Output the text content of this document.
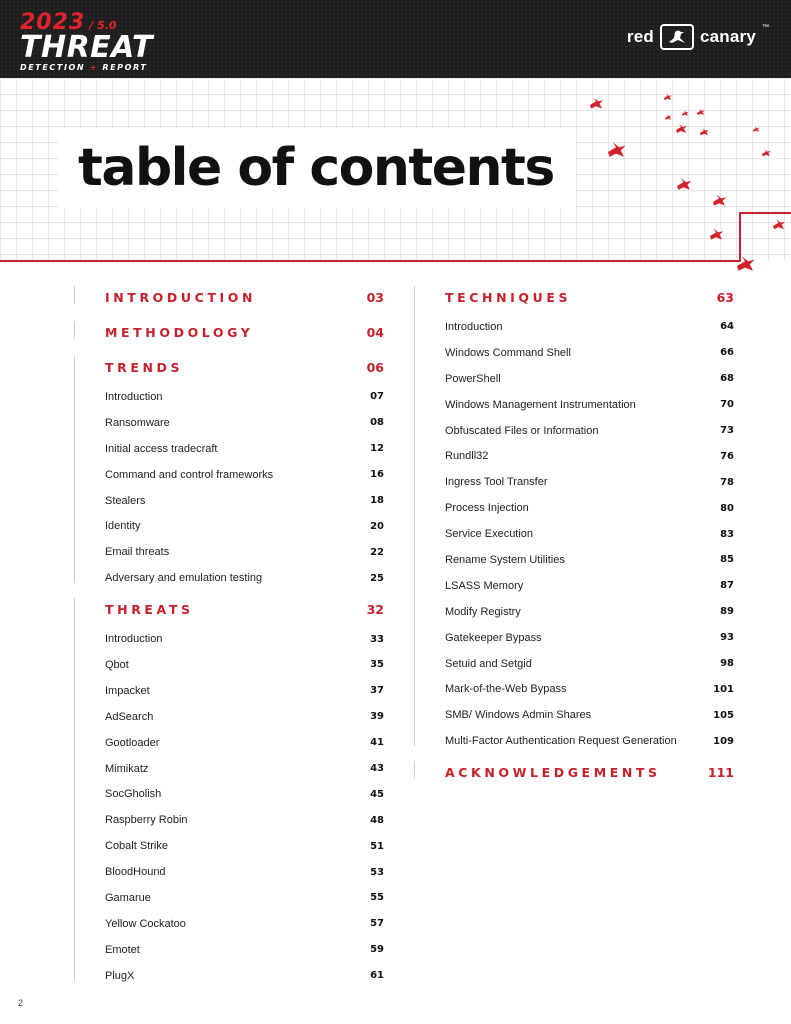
2023 / 5.0
THREAT
DETECTION + REPORT
red	canary ™
table of contents
INTRODUCTION	03
METHODOLOGY	04
TRENDS	06
Introduction	07
Ransomware	08
Initial access tradecraft	12
Command and control frameworks	16
Stealers	18
Identity	20
Email threats	22
Adversary and emulation testing	25
THREATS	32
Introduction	33
Qbot	35
Impacket	37
AdSearch	39
Gootloader	41
Mimikatz	43
SocGholish	45
Raspberry Robin	48
Cobalt Strike	51
BloodHound	53
Gamarue	55
Yellow Cockatoo	57
Emotet	59
PlugX	61
TECHNIQUES	63
Introduction	64
Windows Command Shell	66
PowerShell	68
Windows Management Instrumentation	70
Obfuscated Files or Information	73
Rundll32	76
Ingress Tool Transfer	78
Process Injection	80
Service Execution	83
Rename System Utilities	85
LSASS Memory	87
Modify Registry	89
Gatekeeper Bypass	93
Setuid and Setgid	98
Mark-of-the-Web Bypass	101
SMB/ Windows Admin Shares	105
Multi-Factor Authentication Request Generation	109
ACKNOWLEDGEMENTS	111
2
